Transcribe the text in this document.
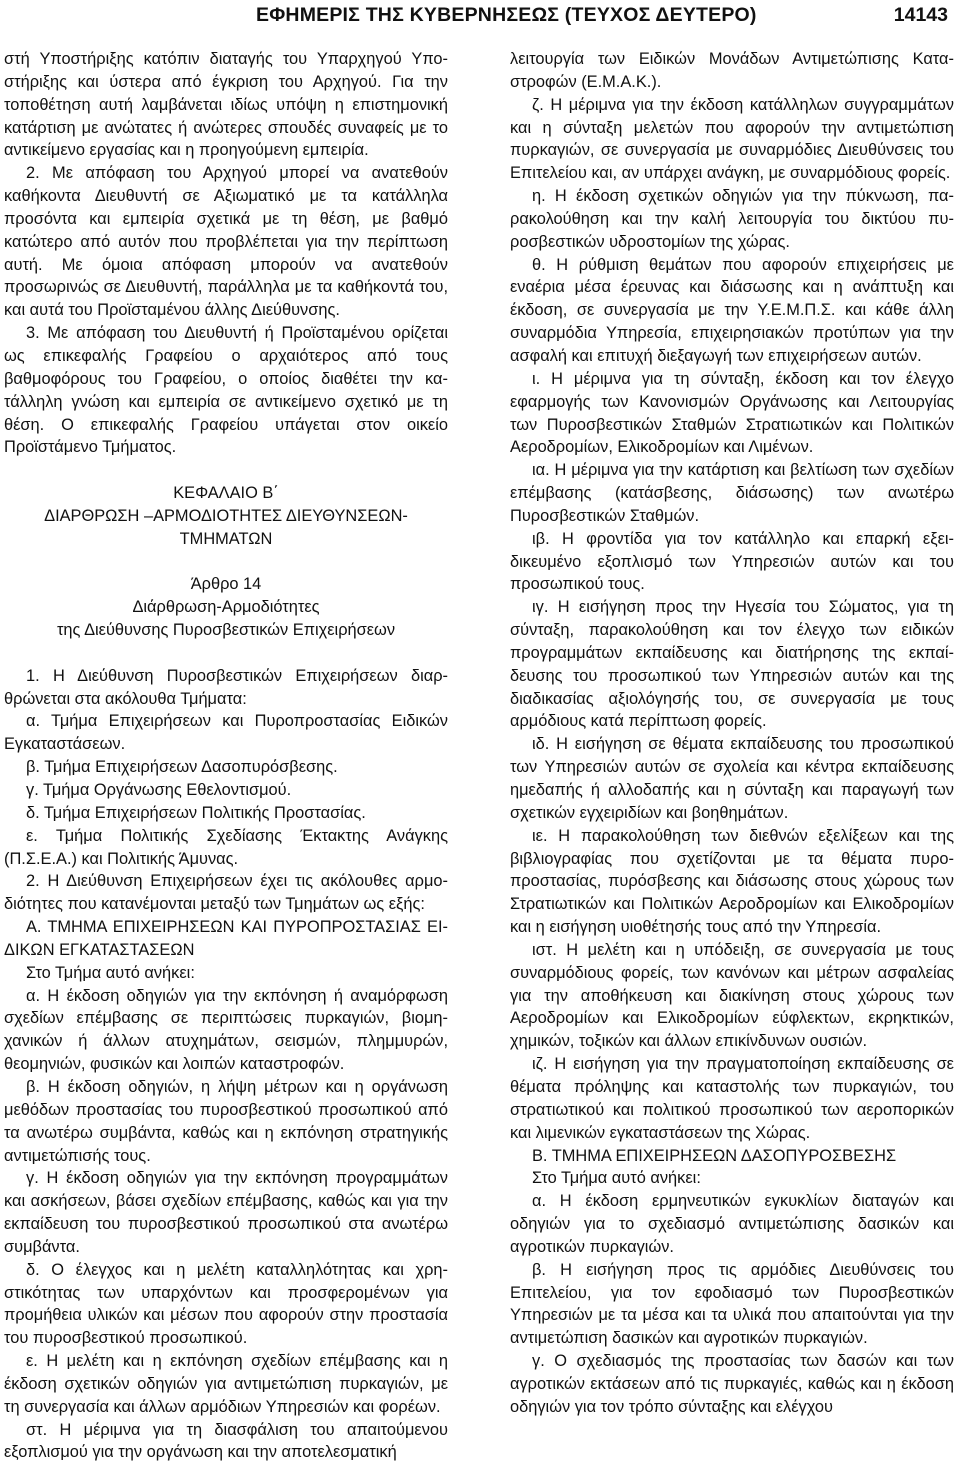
ΕΦΗΜΕΡΙΣ ΤΗΣ ΚΥΒΕΡΝΗΣΕΩΣ (ΤΕΥΧΟΣ ΔΕΥΤΕΡΟ)	14143

στή Υποστήριξης κατόπιν διαταγής του Υπαρχηγού Υποστήριξης και ύστερα από έγκριση του Αρχηγού. Για την τοποθέτηση αυτή λαμβάνεται ιδίως υπόψη η επιστημονική κατάρτιση με ανώτατες ή ανώτερες σπουδές συναφείς με το αντικείμενο εργασίας και η προηγούμενη εμπειρία.

2. Με απόφαση του Αρχηγού μπορεί να ανατεθούν καθήκοντα Διευθυντή σε Αξιωματικό με τα κατάλληλα προσόντα και εμπειρία σχετικά με τη θέση, με βαθμό κατώτερο από αυτόν που προβλέπεται για την περίπτωση αυτή. Με όμοια απόφαση μπορούν να ανατεθούν προσωρινώς σε Διευθυντή, παράλληλα με τα καθήκοντά του, και αυτά του Προϊσταμένου άλλης Διεύθυνσης.

3. Με απόφαση του Διευθυντή ή Προϊσταμένου ορίζεται ως επικεφαλής Γραφείου ο αρχαιότερος από τους βαθμοφόρους του Γραφείου, ο οποίος διαθέτει την κατάλληλη γνώση και εμπειρία σε αντικείμενο σχετικό με τη θέση. Ο επικεφαλής Γραφείου υπάγεται στον οικείο Προϊστάμενο Τμήματος.

ΚΕΦΑΛΑΙΟ Β΄

ΔΙΑΡΘΡΩΣΗ –ΑΡΜΟΔΙΟΤΗΤΕΣ ΔΙΕΥΘΥΝΣΕΩΝ-

ΤΜΗΜΑΤΩΝ

Άρθρο 14

Διάρθρωση-Αρμοδιότητες

της Διεύθυνσης Πυροσβεστικών Επιχειρήσεων

1. Η Διεύθυνση Πυροσβεστικών Επιχειρήσεων διαρθρώνεται στα ακόλουθα Τμήματα:

α. Τμήμα Επιχειρήσεων και Πυροπροστασίας Ειδικών Εγκαταστάσεων.

β. Τμήμα Επιχειρήσεων Δασοπυρόσβεσης.

γ. Τμήμα Οργάνωσης Εθελοντισμού.

δ. Τμήμα Επιχειρήσεων Πολιτικής Προστασίας.

ε. Τμήμα Πολιτικής Σχεδίασης Έκτακτης Ανάγκης (Π.Σ.Ε.Α.) και Πολιτικής Άμυνας.

2. Η Διεύθυνση Επιχειρήσεων έχει τις ακόλουθες αρμοδιότητες που κατανέμονται μεταξύ των Τμημάτων ως εξής:

Α. ΤΜΗΜΑ ΕΠΙΧΕΙΡΗΣΕΩΝ ΚΑΙ ΠΥΡΟΠΡΟΣΤΑΣΙΑΣ ΕΙΔΙΚΩΝ ΕΓΚΑΤΑΣΤΑΣΕΩΝ

Στο Τμήμα αυτό ανήκει:

α. Η έκδοση οδηγιών για την εκπόνηση ή αναμόρφωση σχεδίων επέμβασης σε περιπτώσεις πυρκαγιών, βιομηχανικών ή άλλων ατυχημάτων, σεισμών, πλημμυρών, θεομηνιών, φυσικών και λοιπών καταστροφών.

β. Η έκδοση οδηγιών, η λήψη μέτρων και η οργάνωση μεθόδων προστασίας του πυροσβεστικού προσωπικού από τα ανωτέρω συμβάντα, καθώς και η εκπόνηση στρατηγικής αντιμετώπισής τους.

γ. Η έκδοση οδηγιών για την εκπόνηση προγραμμάτων και ασκήσεων, βάσει σχεδίων επέμβασης, καθώς και για την εκπαίδευση του πυροσβεστικού προσωπικού στα ανωτέρω συμβάντα.

δ. Ο έλεγχος και η μελέτη καταλληλότητας και χρηστικότητας των υπαρχόντων και προσφερομένων για προμήθεια υλικών και μέσων που αφορούν στην προστασία του πυροσβεστικού προσωπικού.

ε. Η μελέτη και η εκπόνηση σχεδίων επέμβασης και η έκδοση σχετικών οδηγιών για αντιμετώπιση πυρκαγιών, με τη συνεργασία και άλλων αρμόδιων Υπηρεσιών και φορέων.

στ. Η μέριμνα για τη διασφάλιση του απαιτούμενου εξοπλισμού για την οργάνωση και την αποτελεσματική

λειτουργία των Ειδικών Μονάδων Αντιμετώπισης Καταστροφών (Ε.Μ.Α.Κ.).

ζ. Η μέριμνα για την έκδοση κατάλληλων συγγραμμάτων και η σύνταξη μελετών που αφορούν την αντιμετώπιση πυρκαγιών, σε συνεργασία με συναρμόδιες Διευθύνσεις του Επιτελείου και, αν υπάρχει ανάγκη, με συναρμόδιους φορείς.

η. Η έκδοση σχετικών οδηγιών για την πύκνωση, παρακολούθηση και την καλή λειτουργία του δικτύου πυροσβεστικών υδροστομίων της χώρας.

θ. Η ρύθμιση θεμάτων που αφορούν επιχειρήσεις με εναέρια μέσα έρευνας και διάσωσης και η ανάπτυξη και έκδοση, σε συνεργασία με την Υ.Ε.Μ.Π.Σ. και κάθε άλλη συναρμόδια Υπηρεσία, επιχειρησιακών προτύπων για την ασφαλή και επιτυχή διεξαγωγή των επιχειρήσεων αυτών.

ι. Η μέριμνα για τη σύνταξη, έκδοση και τον έλεγχο εφαρμογής των Κανονισμών Οργάνωσης και Λειτουργίας των Πυροσβεστικών Σταθμών Στρατιωτικών και Πολιτικών Αεροδρομίων, Ελικοδρομίων και Λιμένων.

ια. Η μέριμνα για την κατάρτιση και βελτίωση των σχεδίων επέμβασης (κατάσβεσης, διάσωσης) των ανωτέρω Πυροσβεστικών Σταθμών.

ιβ. Η φροντίδα για τον κατάλληλο και επαρκή εξειδικευμένο εξοπλισμό των Υπηρεσιών αυτών και του προσωπικού τους.

ιγ. Η εισήγηση προς την Ηγεσία του Σώματος, για τη σύνταξη, παρακολούθηση και τον έλεγχο των ειδικών προγραμμάτων εκπαίδευσης και διατήρησης της εκπαίδευσης του προσωπικού των Υπηρεσιών αυτών και της διαδικασίας αξιολόγησής του, σε συνεργασία με τους αρμόδιους κατά περίπτωση φορείς.

ιδ. Η εισήγηση σε θέματα εκπαίδευσης του προσωπικού των Υπηρεσιών αυτών σε σχολεία και κέντρα εκπαίδευσης ημεδαπής ή αλλοδαπής και η σύνταξη και παραγωγή των σχετικών εγχειριδίων και βοηθημάτων.

ιε. Η παρακολούθηση των διεθνών εξελίξεων και της βιβλιογραφίας που σχετίζονται με τα θέματα πυροπροστασίας, πυρόσβεσης και διάσωσης στους χώρους των Στρατιωτικών και Πολιτικών Αεροδρομίων και Ελικοδρομίων και η εισήγηση υιοθέτησής τους από την Υπηρεσία.

ιστ. Η μελέτη και η υπόδειξη, σε συνεργασία με τους συναρμόδιους φορείς, των κανόνων και μέτρων ασφαλείας για την αποθήκευση και διακίνηση στους χώρους των Αεροδρομίων και Ελικοδρομίων εύφλεκτων, εκρηκτικών, χημικών, τοξικών και άλλων επικίνδυνων ουσιών.

ιζ. Η εισήγηση για την πραγματοποίηση εκπαίδευσης σε θέματα πρόληψης και καταστολής των πυρκαγιών, του στρατιωτικού και πολιτικού προσωπικού των αεροπορικών και λιμενικών εγκαταστάσεων της Χώρας.

Β. ΤΜΗΜΑ ΕΠΙΧΕΙΡΗΣΕΩΝ ΔΑΣΟΠΥΡΟΣΒΕΣΗΣ

Στο Τμήμα αυτό ανήκει:

α. Η έκδοση ερμηνευτικών εγκυκλίων διαταγών και οδηγιών για το σχεδιασμό αντιμετώπισης δασικών και αγροτικών πυρκαγιών.

β. Η εισήγηση προς τις αρμόδιες Διευθύνσεις του Επιτελείου, για τον εφοδιασμό των Πυροσβεστικών Υπηρεσιών με τα μέσα και τα υλικά που απαιτούνται για την αντιμετώπιση δασικών και αγροτικών πυρκαγιών.

γ. Ο σχεδιασμός της προστασίας των δασών και των αγροτικών εκτάσεων από τις πυρκαγιές, καθώς και η έκδοση οδηγιών για τον τρόπο σύνταξης και ελέγχου
